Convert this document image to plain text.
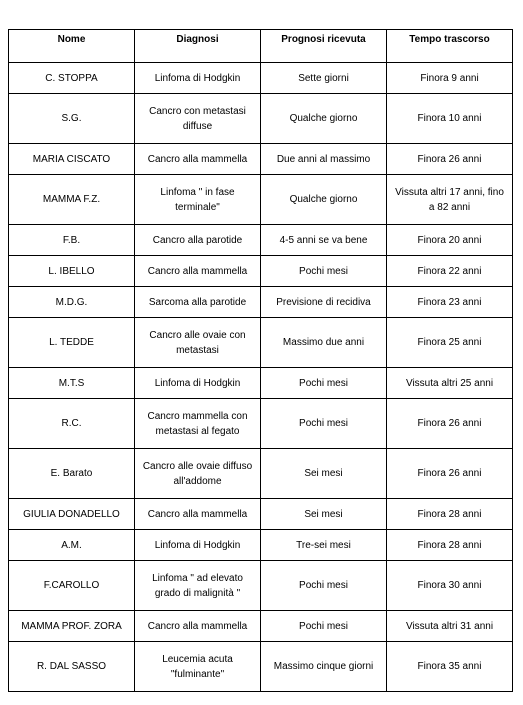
Nome	Diagnosi	Prognosi ricevuta	Tempo trascorso
C. STOPPA	Linfoma di Hodgkin	Sette giorni	Finora 9 anni
S.G.	Cancro con metastasi diffuse	Qualche giorno	Finora 10 anni
MARIA CISCATO	Cancro alla mammella	Due anni al massimo	Finora 26 anni
MAMMA F.Z.	Linfoma " in fase terminale"	Qualche giorno	Vissuta altri 17 anni, fino a 82 anni
F.B.	Cancro alla parotide	4-5 anni se va bene	Finora 20 anni
L. IBELLO	Cancro alla mammella	Pochi mesi	Finora 22 anni
M.D.G.	Sarcoma alla parotide	Previsione di recidiva	Finora 23 anni
L. TEDDE	Cancro alle ovaie con metastasi	Massimo due anni	Finora 25 anni
M.T.S	Linfoma di Hodgkin	Pochi mesi	Vissuta altri 25 anni
R.C.	Cancro mammella con metastasi al fegato	Pochi mesi	Finora 26 anni
E. Barato	Cancro alle ovaie diffuso all'addome	Sei mesi	Finora 26 anni
GIULIA DONADELLO	Cancro alla mammella	Sei mesi	Finora 28 anni
A.M.	Linfoma di Hodgkin	Tre-sei mesi	Finora 28 anni
F.CAROLLO	Linfoma " ad elevato grado di malignità "	Pochi mesi	Finora 30 anni
MAMMA PROF. ZORA	Cancro alla mammella	Pochi mesi	Vissuta altri 31 anni
R. DAL SASSO	Leucemia acuta "fulminante"	Massimo cinque giorni	Finora 35 anni
